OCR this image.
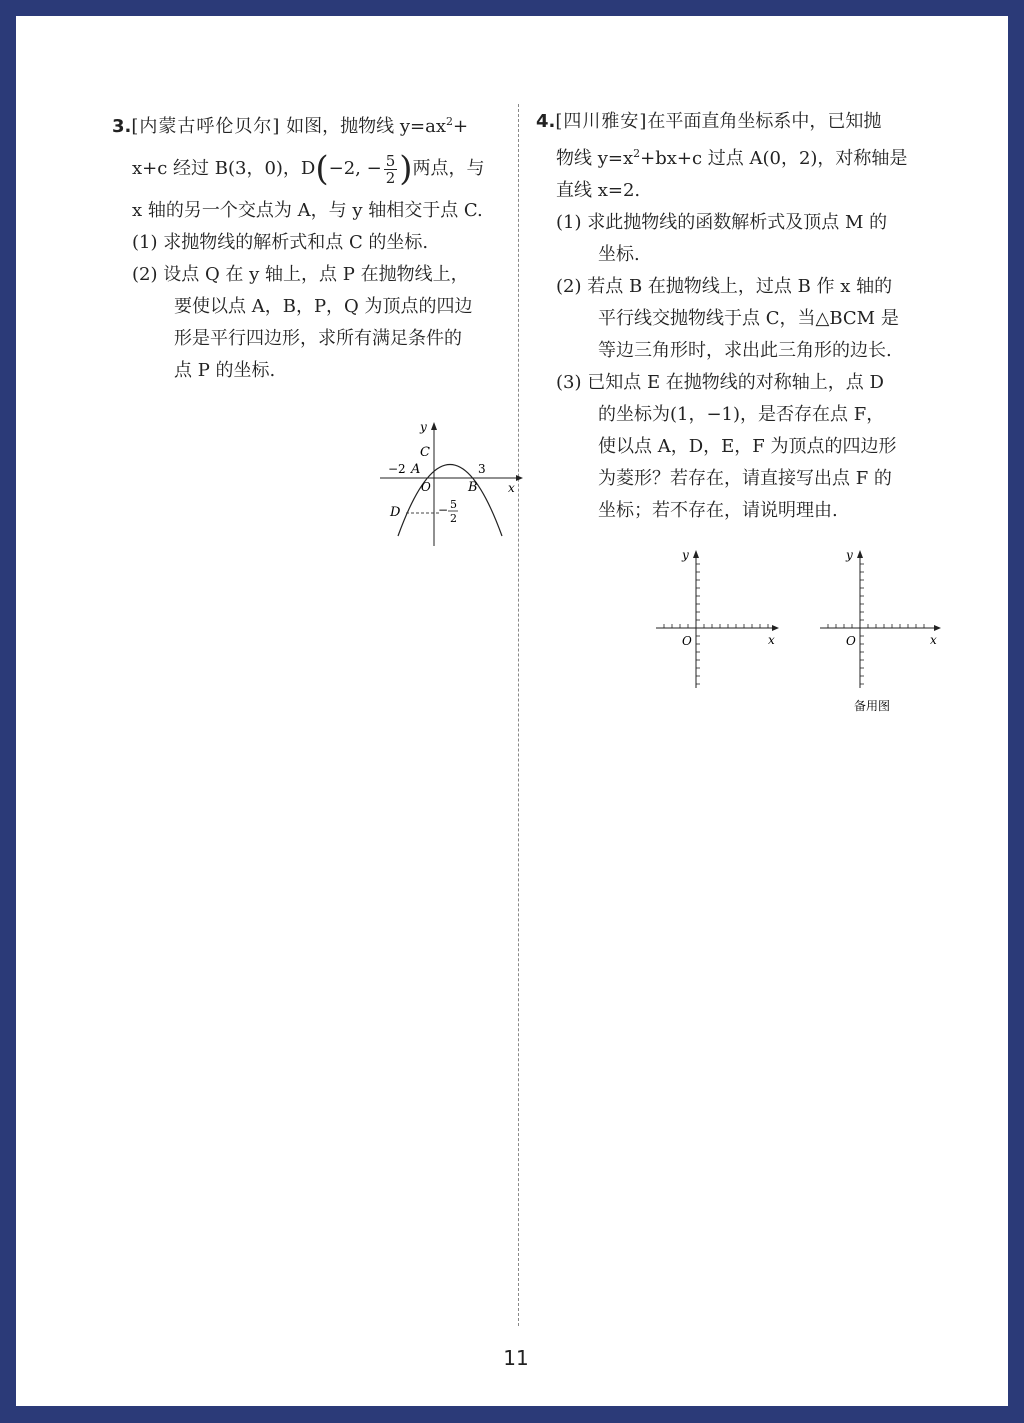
3.[内蒙古呼伦贝尔] 如图，抛物线 $y=ax^2+$
x+c 经过 B(3，0)，D(−2, − $\frac{5}{2}$ )两点，与
x 轴的另一个交点为 A，与 y 轴相交于点 C.
(1) 求抛物线的解析式和点 C 的坐标.
(2) 设点 Q 在 y 轴上，点 P 在抛物线上，
要使以点 A，B，P，Q 为顶点的四边
形是平行四边形，求所有满足条件的
点 P 的坐标.
y
C
−2 A
O
3
B	x
D	− 5
2
4.[四川雅安]在平面直角坐标系中，已知抛
物线 $y=x^2+bx+c$ 过点 A(0，2)，对称轴是
直线 x=2.
(1) 求此抛物线的函数解析式及顶点 M 的
坐标.
(2) 若点 B 在抛物线上，过点 B 作 x 轴的
平行线交抛物线于点 C，当△BCM 是
等边三角形时，求出此三角形的边长.
(3) 已知点 E 在抛物线的对称轴上，点 D
的坐标为(1，−1)，是否存在点 F，
使以点 A，D，E，F 为顶点的四边形
为菱形？若存在，请直接写出点 F 的
坐标；若不存在，请说明理由.
y
x
O
y
x
O
备用图
11
